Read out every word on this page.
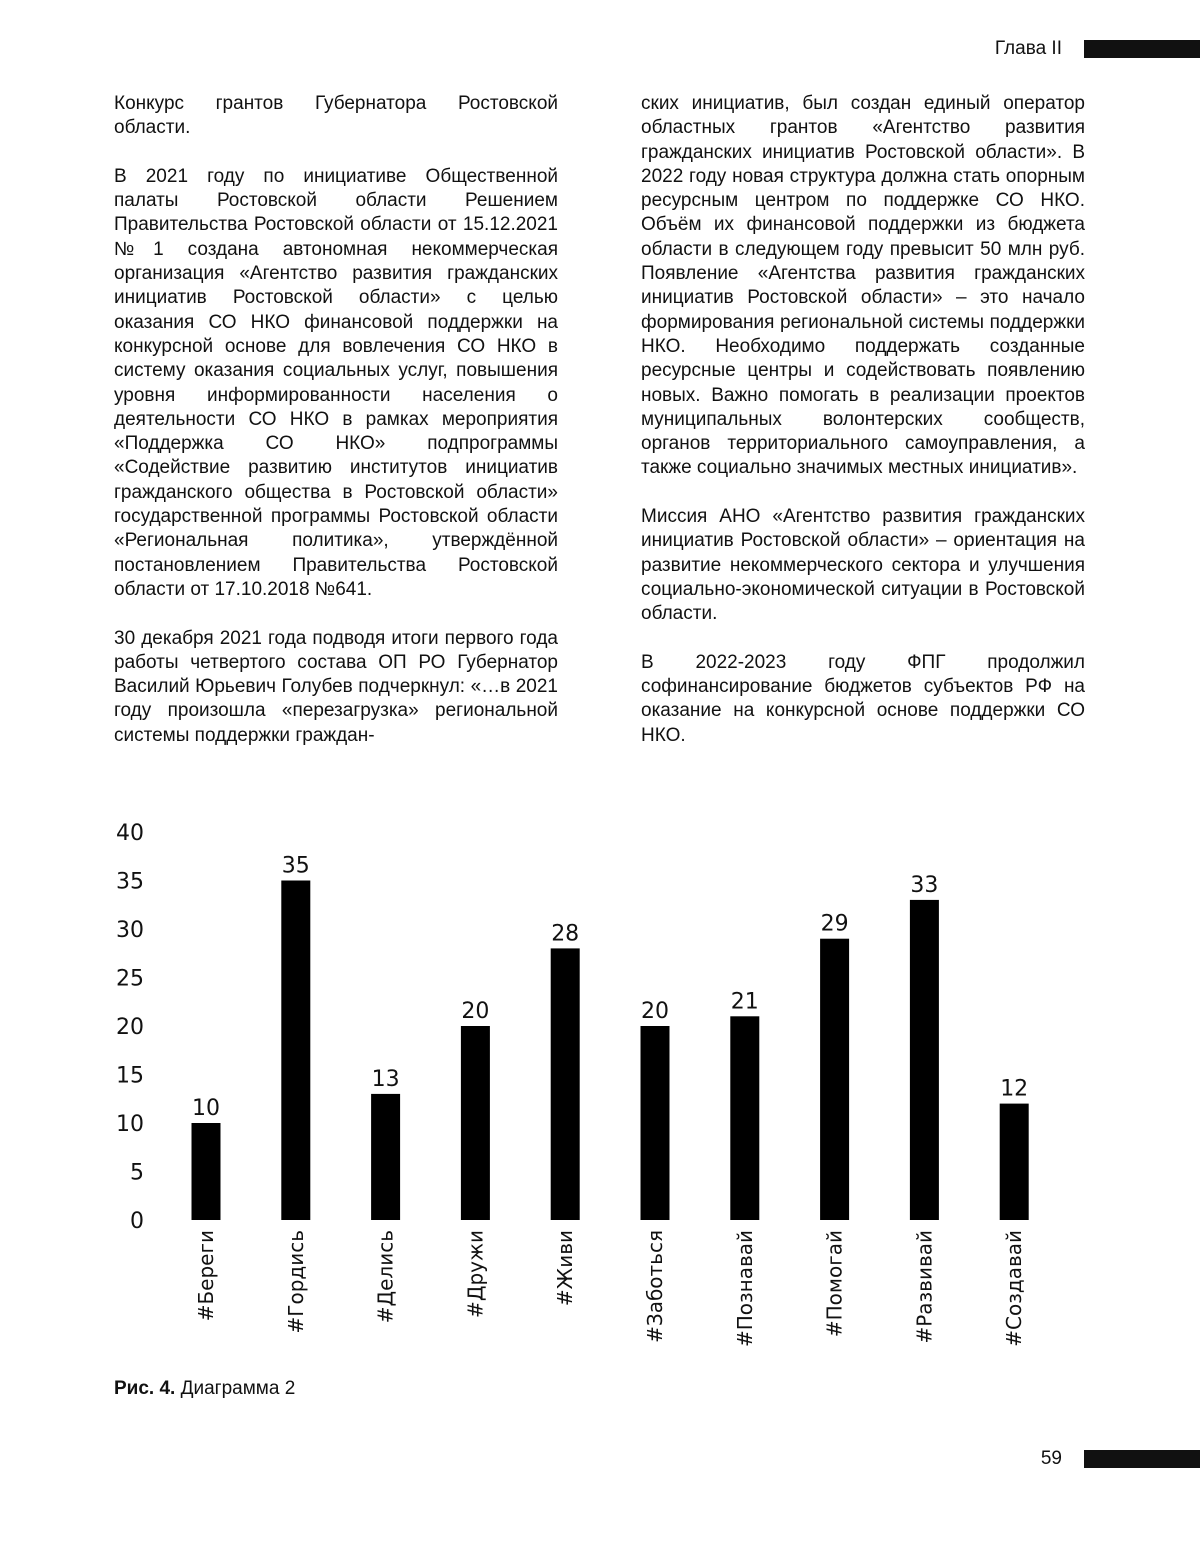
Глава II

Конкурс грантов Губернатора Ростовской области.

В 2021 году по инициативе Общественной палаты Ростовской области Решением Правительства Ростовской области от 15.12.2021 №1 создана автономная некоммерческая организация «Агентство развития гражданских инициатив Ростовской области» с целью оказания СО НКО финансовой поддержки на конкурсной основе для вовлечения СО НКО в систему оказания социальных услуг, повышения уровня информированности населения о деятельности СО НКО в рамках мероприятия «Поддержка СО НКО» подпрограммы «Содействие развитию институтов инициатив гражданского общества в Ростовской области» государственной программы Ростовской области «Региональная политика», утверждённой постановлением Правительства Ростовской области от 17.10.2018 №641.

30 декабря 2021 года подводя итоги первого года работы четвертого состава ОП РО Губернатор Василий Юрьевич Голубев подчеркнул: «…в 2021 году произошла «перезагрузка» региональной системы поддержки граждан-

ских инициатив, был создан единый оператор областных грантов «Агентство развития гражданских инициатив Ростовской области». В 2022 году новая структура должна стать опорным ресурсным центром по поддержке СО НКО. Объём их финансовой поддержки из бюджета области в следующем году превысит 50 млн руб. Появление «Агентства развития гражданских инициатив Ростовской области» – это начало формирования региональной системы поддержки НКО. Необходимо поддержать созданные ресурсные центры и содействовать появлению новых. Важно помогать в реализации проектов муниципальных волонтерских сообществ, органов территориального самоуправления, а также социально значимых местных инициатив».

Миссия АНО «Агентство развития гражданских инициатив Ростовской области» – ориентация на развитие некоммерческого сектора и улучшения социально-экономической ситуации в Ростовской области.

В 2022-2023 году ФПГ продолжил софинансирование бюджетов субъектов РФ на оказание на конкурсной основе поддержки СО НКО.

0
5
10
15
20
25
30
35
40
10
#Береги
35
#Гордись
13
#Делись
20
#Дружи
28
#Живи
20
#Заботься
21
#Познавай
29
#Помогай
33
#Развивай
12
#Создавай
Рис. 4. Диаграмма 2
59
